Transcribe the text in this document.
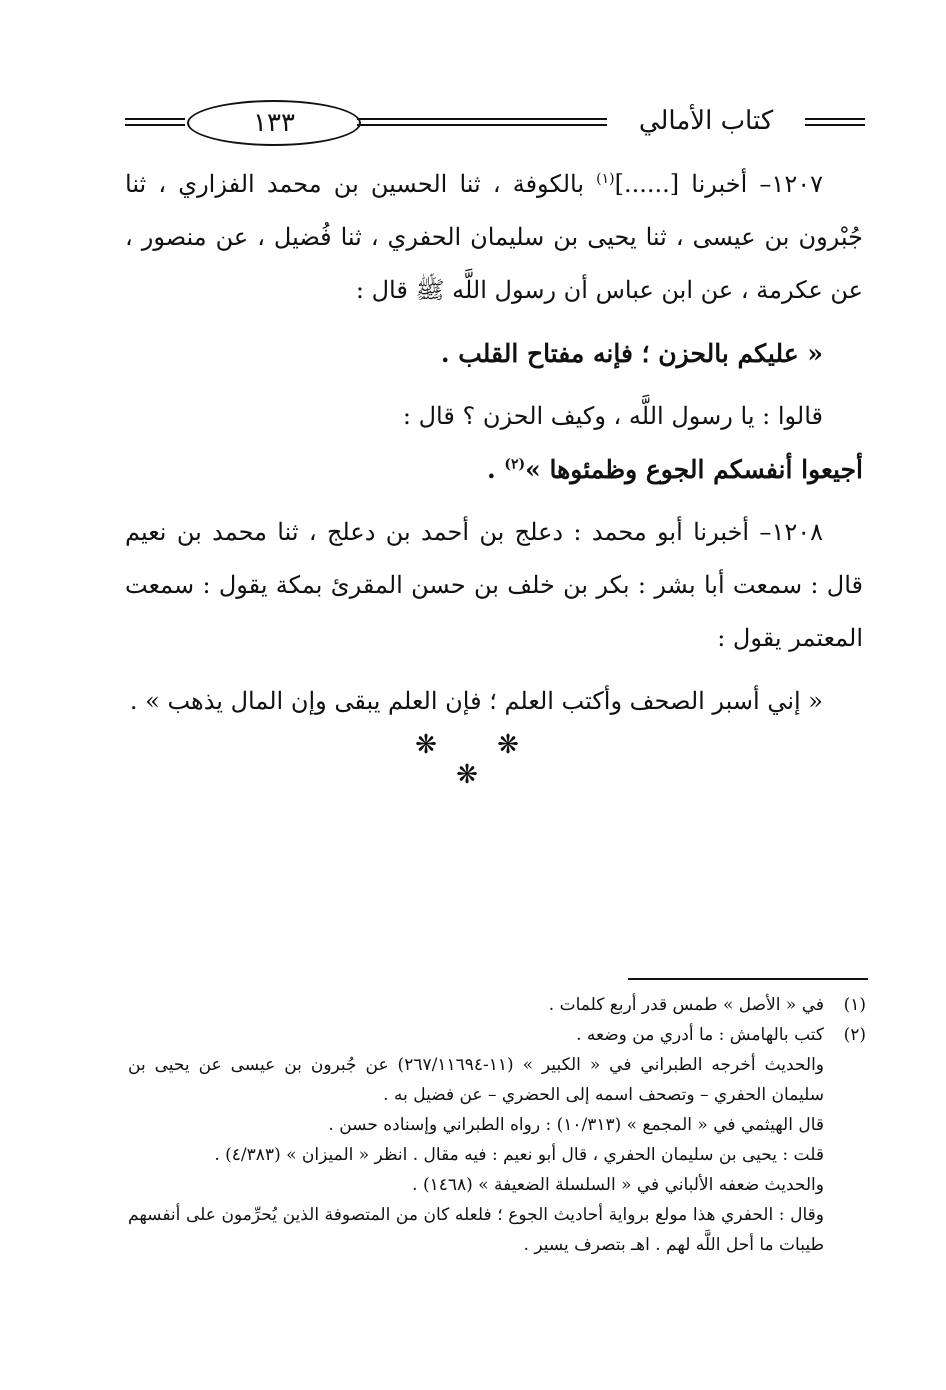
١٣٣	كتاب الأمالي

١٢٠٧– أخبرنا [......]$^{(١)}$ بالكوفة ، ثنا الحسين بن محمد الفزاري ، ثنا جُبْرون بن عيسى ، ثنا يحيى بن سليمان الحفري ، ثنا فُضيل ، عن منصور ، عن عكرمة ، عن ابن عباس أن رسول اللَّه ﷺ قال :

« عليكم بالحزن ؛ فإنه مفتاح القلب .

قالوا : يا رسول اللَّه ، وكيف الحزن ؟ قال :

أجيعوا أنفسكم الجوع وظمئوها »$^{(٢)}$ .

١٢٠٨– أخبرنا أبو محمد : دعلج بن أحمد بن دعلج ، ثنا محمد بن نعيم قال : سمعت أبا بشر : بكر بن خلف بن حسن المقرئ بمكة يقول : سمعت المعتمر يقول :

« إني أسبر الصحف وأكتب العلم ؛ فإن العلم يبقى وإن المال يذهب » .

❋ ❋ ❋
(١)
في « الأصل » طمس قدر أربع كلمات .
(٢)
كتب بالهامش : ما أدري من وضعه .

والحديث أخرجه الطبراني في « الكبير » (١١-٢٦٧/١١٦٩٤) عن جُبرون بن عيسى عن يحيى بن سليمان الحفري – وتصحف اسمه إلى الحضري – عن فضيل به .

قال الهيثمي في « المجمع » (١٠/٣١٣) : رواه الطبراني وإسناده حسن .

قلت : يحيى بن سليمان الحفري ، قال أبو نعيم : فيه مقال . انظر « الميزان » (٤/٣٨٣) .

والحديث ضعفه الألباني في « السلسلة الضعيفة » (١٤٦٨) .

وقال : الحفري هذا مولع برواية أحاديث الجوع ؛ فلعله كان من المتصوفة الذين يُحرِّمون على أنفسهم طيبات ما أحل اللَّه لهم . اهـ بتصرف يسير .
